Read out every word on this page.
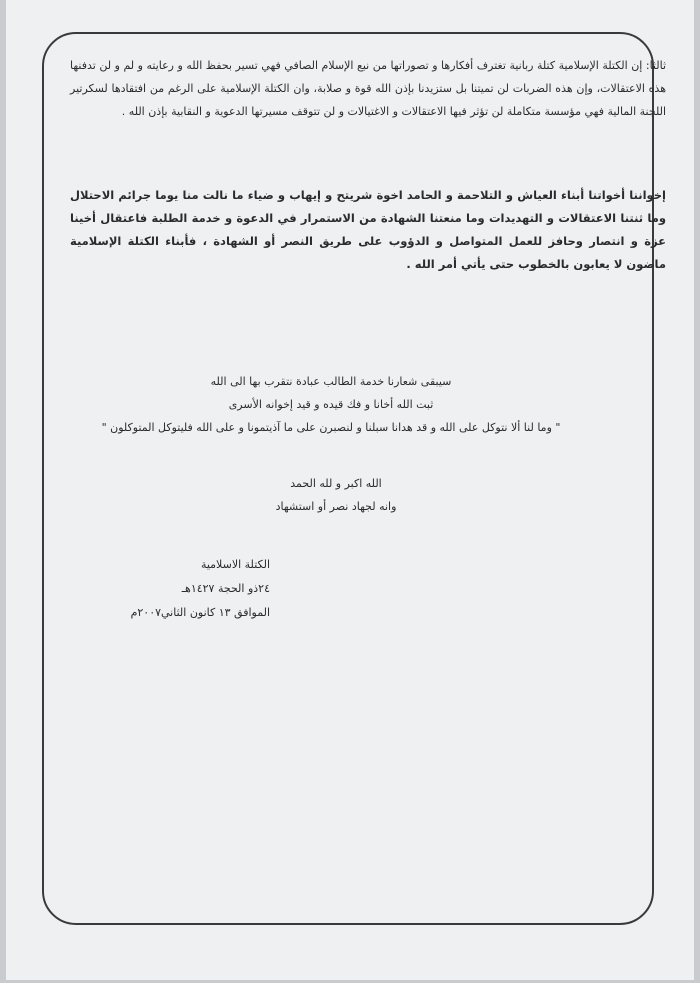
ثالثا: إن الكتلة الإسلامية كتلة ربانية تغترف أفكارها و تصوراتها من نبع الإسلام الصافي فهي تسير بحفظ الله و رعايته و لم و لن تدفنها هذه الاعتقالات، وإن هذه الضربات لن تميتنا بل ستزيدنا بإذن الله قوة و صلابة، وان الكتلة الإسلامية على الرغم من افتقادها لسكرتير اللجنة المالية فهي مؤسسة متكاملة لن تؤثر فيها الاعتقالات و الاغتيالات و لن تتوقف مسيرتها الدعوية و النقابية بإذن الله .

إخواننا أخواتنا أبناء العياش و التلاحمة و الحامد اخوة شريتح و إيهاب و ضياء ما نالت منا يوما جرائم الاحتلال وما ثنتنا الاعتقالات و التهديدات وما منعتنا الشهادة من الاستمرار في الدعوة و خدمة الطلبة فاعتقال أخينا عزة و انتصار وحافز للعمل المتواصل و الدؤوب على طريق النصر أو الشهادة ، فأبناء الكتلة الإسلامية ماضون لا يعابون بالخطوب حتى يأتي أمر الله .

سيبقى شعارنا خدمة الطالب عبادة نتقرب بها الى الله
ثبت الله أخانا و فك قيده و قيد إخوانه الأسرى
" وما لنا ألا نتوكل على الله و قد هدانا سبلنا و لنصبرن على ما آذيتمونا و على الله فليتوكل المتوكلون "
الله اكبر و لله الحمد
وانه لجهاد نصر أو استشهاد
الكتلة الاسلامية
٢٤ذو الحجة ١٤٢٧هـ
الموافق ١٣ كانون الثاني٢٠٠٧م
